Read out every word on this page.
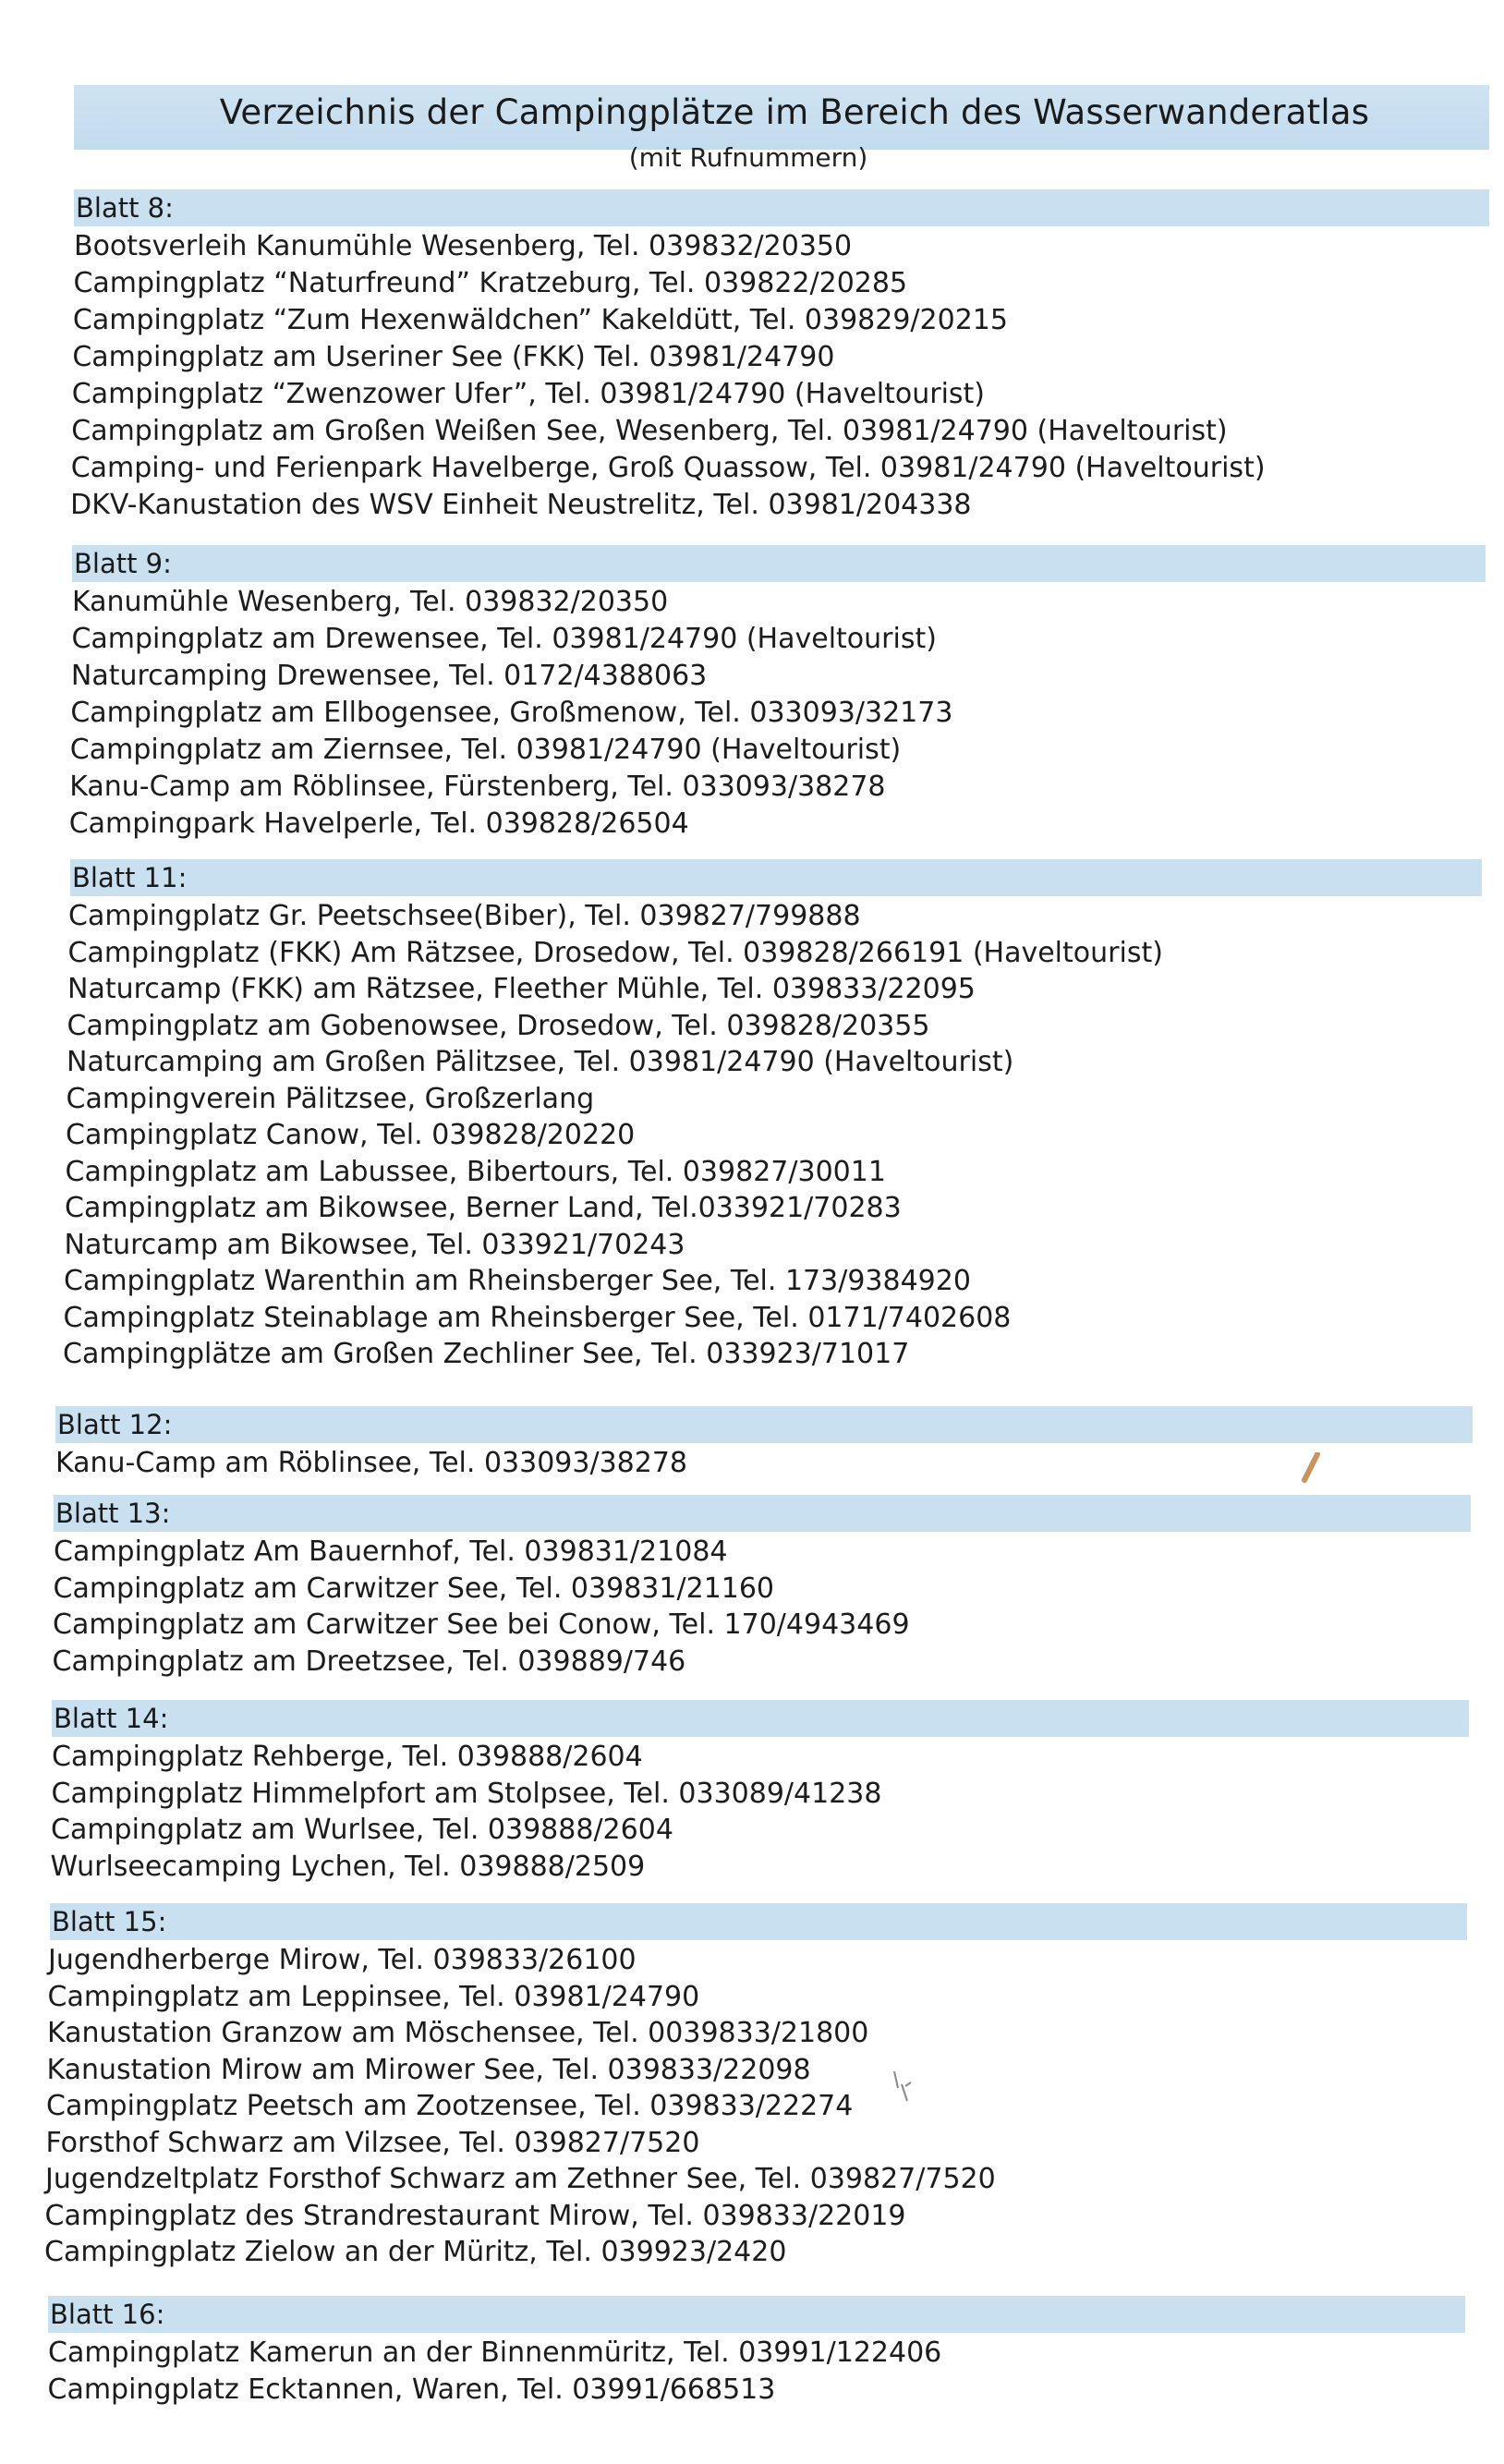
Verzeichnis der Campingplätze im Bereich des Wasserwanderatlas
(mit Rufnummern)
Blatt 8:
Bootsverleih Kanumühle Wesenberg, Tel. 039832/20350
Campingplatz “Naturfreund” Kratzeburg, Tel. 039822/20285
Campingplatz “Zum Hexenwäldchen” Kakeldütt, Tel. 039829/20215
Campingplatz am Useriner See (FKK) Tel. 03981/24790
Campingplatz “Zwenzower Ufer”, Tel. 03981/24790 (Haveltourist)
Campingplatz am Großen Weißen See, Wesenberg, Tel. 03981/24790 (Haveltourist)
Camping- und Ferienpark Havelberge, Groß Quassow, Tel. 03981/24790 (Haveltourist)
DKV-Kanustation des WSV Einheit Neustrelitz, Tel. 03981/204338
Blatt 9:
Kanumühle Wesenberg, Tel. 039832/20350
Campingplatz am Drewensee, Tel. 03981/24790 (Haveltourist)
Naturcamping Drewensee, Tel. 0172/4388063
Campingplatz am Ellbogensee, Großmenow, Tel. 033093/32173
Campingplatz am Ziernsee, Tel. 03981/24790 (Haveltourist)
Kanu-Camp am Röblinsee, Fürstenberg, Tel. 033093/38278
Campingpark Havelperle, Tel. 039828/26504
Blatt 11:
Campingplatz Gr. Peetschsee(Biber), Tel. 039827/799888
Campingplatz (FKK) Am Rätzsee, Drosedow, Tel. 039828/266191 (Haveltourist)
Naturcamp (FKK) am Rätzsee, Fleether Mühle, Tel. 039833/22095
Campingplatz am Gobenowsee, Drosedow, Tel. 039828/20355
Naturcamping am Großen Pälitzsee, Tel. 03981/24790 (Haveltourist)
Campingverein Pälitzsee, Großzerlang
Campingplatz Canow, Tel. 039828/20220
Campingplatz am Labussee, Bibertours, Tel. 039827/30011
Campingplatz am Bikowsee, Berner Land, Tel.033921/70283
Naturcamp am Bikowsee, Tel. 033921/70243
Campingplatz Warenthin am Rheinsberger See, Tel. 173/9384920
Campingplatz Steinablage am Rheinsberger See, Tel. 0171/7402608
Campingplätze am Großen Zechliner See, Tel. 033923/71017
Blatt 12:
Kanu-Camp am Röblinsee, Tel. 033093/38278
Blatt 13:
Campingplatz Am Bauernhof, Tel. 039831/21084
Campingplatz am Carwitzer See, Tel. 039831/21160
Campingplatz am Carwitzer See bei Conow, Tel. 170/4943469
Campingplatz am Dreetzsee, Tel. 039889/746
Blatt 14:
Campingplatz Rehberge, Tel. 039888/2604
Campingplatz Himmelpfort am Stolpsee, Tel. 033089/41238
Campingplatz am Wurlsee, Tel. 039888/2604
Wurlseecamping Lychen, Tel. 039888/2509
Blatt 15:
Jugendherberge Mirow, Tel. 039833/26100
Campingplatz am Leppinsee, Tel. 03981/24790
Kanustation Granzow am Möschensee, Tel. 0039833/21800
Kanustation Mirow am Mirower See, Tel. 039833/22098
Campingplatz Peetsch am Zootzensee, Tel. 039833/22274
Forsthof Schwarz am Vilzsee, Tel. 039827/7520
Jugendzeltplatz Forsthof Schwarz am Zethner See, Tel. 039827/7520
Campingplatz des Strandrestaurant Mirow, Tel. 039833/22019
Campingplatz Zielow an der Müritz, Tel. 039923/2420
Blatt 16:
Campingplatz Kamerun an der Binnenmüritz, Tel. 03991/122406
Campingplatz Ecktannen, Waren, Tel. 03991/668513
